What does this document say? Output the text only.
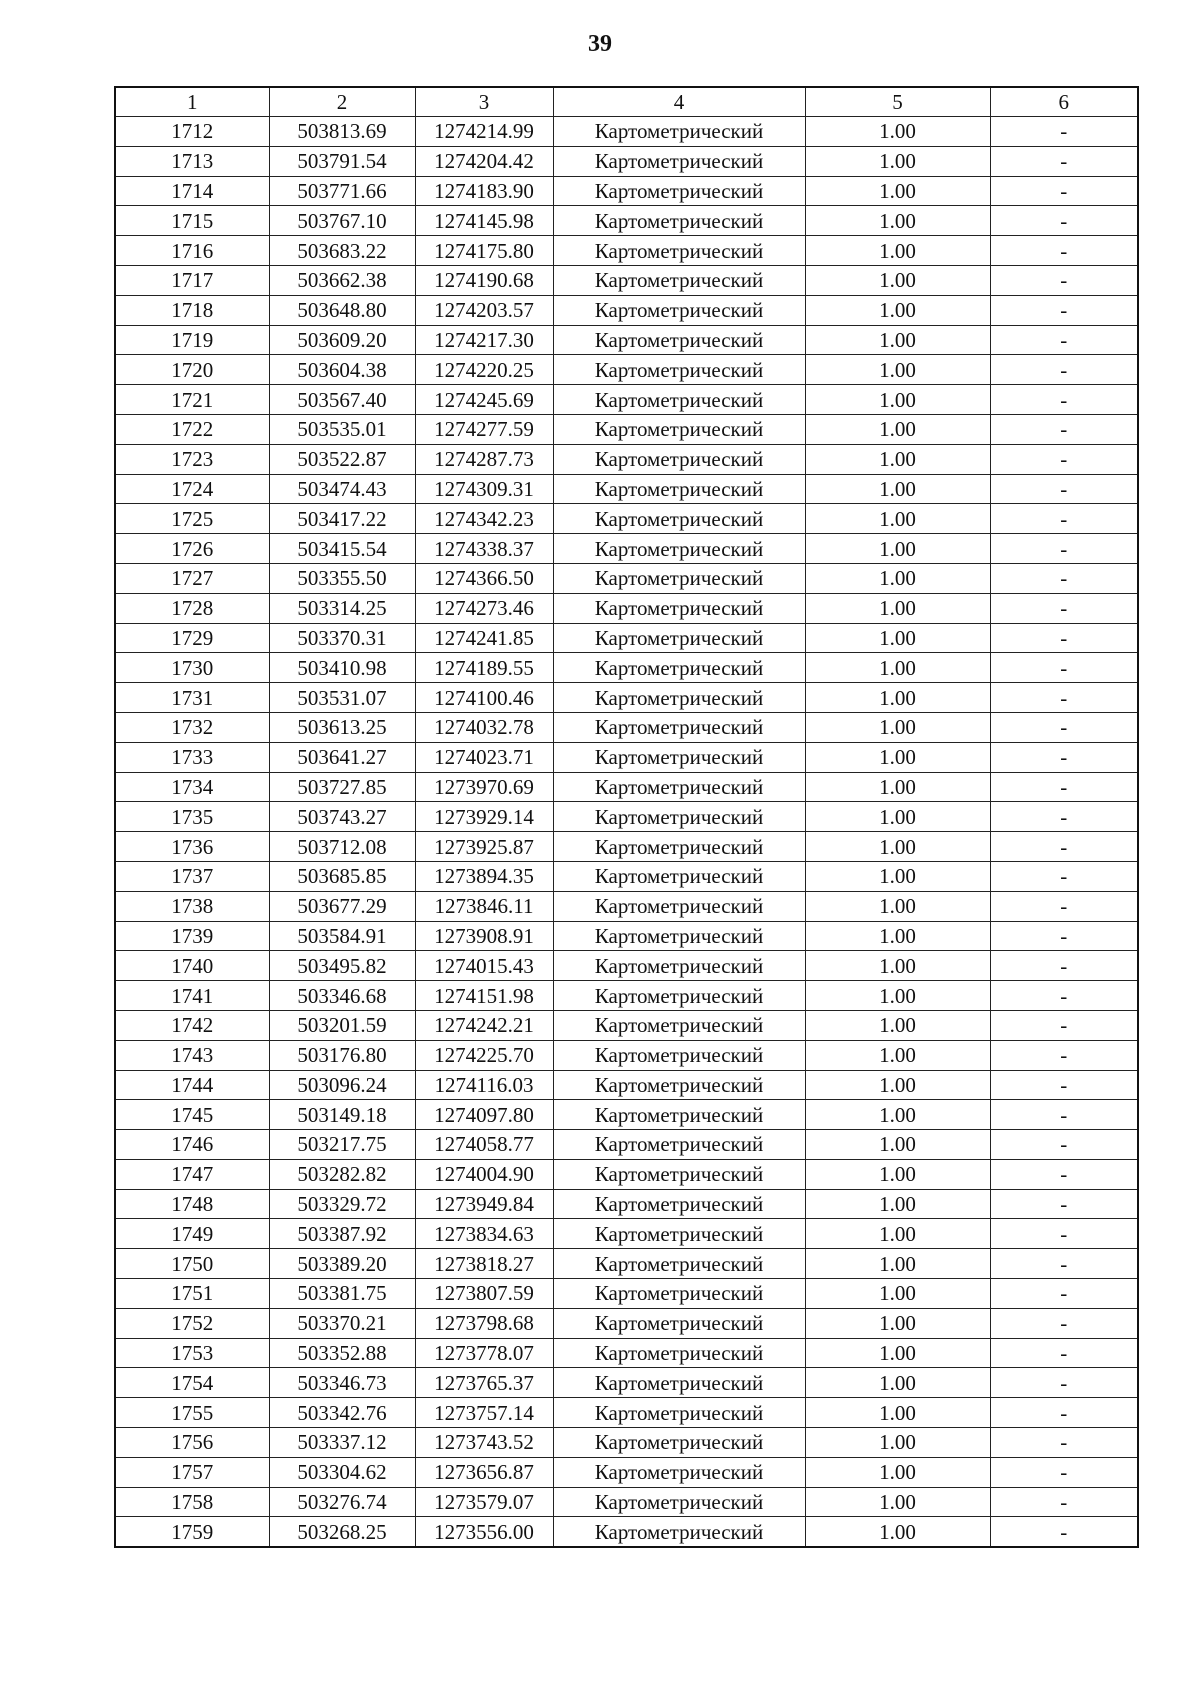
39
1	2	3	4	5	6
1712	503813.69	1274214.99	Картометрический	1.00	-
1713	503791.54	1274204.42	Картометрический	1.00	-
1714	503771.66	1274183.90	Картометрический	1.00	-
1715	503767.10	1274145.98	Картометрический	1.00	-
1716	503683.22	1274175.80	Картометрический	1.00	-
1717	503662.38	1274190.68	Картометрический	1.00	-
1718	503648.80	1274203.57	Картометрический	1.00	-
1719	503609.20	1274217.30	Картометрический	1.00	-
1720	503604.38	1274220.25	Картометрический	1.00	-
1721	503567.40	1274245.69	Картометрический	1.00	-
1722	503535.01	1274277.59	Картометрический	1.00	-
1723	503522.87	1274287.73	Картометрический	1.00	-
1724	503474.43	1274309.31	Картометрический	1.00	-
1725	503417.22	1274342.23	Картометрический	1.00	-
1726	503415.54	1274338.37	Картометрический	1.00	-
1727	503355.50	1274366.50	Картометрический	1.00	-
1728	503314.25	1274273.46	Картометрический	1.00	-
1729	503370.31	1274241.85	Картометрический	1.00	-
1730	503410.98	1274189.55	Картометрический	1.00	-
1731	503531.07	1274100.46	Картометрический	1.00	-
1732	503613.25	1274032.78	Картометрический	1.00	-
1733	503641.27	1274023.71	Картометрический	1.00	-
1734	503727.85	1273970.69	Картометрический	1.00	-
1735	503743.27	1273929.14	Картометрический	1.00	-
1736	503712.08	1273925.87	Картометрический	1.00	-
1737	503685.85	1273894.35	Картометрический	1.00	-
1738	503677.29	1273846.11	Картометрический	1.00	-
1739	503584.91	1273908.91	Картометрический	1.00	-
1740	503495.82	1274015.43	Картометрический	1.00	-
1741	503346.68	1274151.98	Картометрический	1.00	-
1742	503201.59	1274242.21	Картометрический	1.00	-
1743	503176.80	1274225.70	Картометрический	1.00	-
1744	503096.24	1274116.03	Картометрический	1.00	-
1745	503149.18	1274097.80	Картометрический	1.00	-
1746	503217.75	1274058.77	Картометрический	1.00	-
1747	503282.82	1274004.90	Картометрический	1.00	-
1748	503329.72	1273949.84	Картометрический	1.00	-
1749	503387.92	1273834.63	Картометрический	1.00	-
1750	503389.20	1273818.27	Картометрический	1.00	-
1751	503381.75	1273807.59	Картометрический	1.00	-
1752	503370.21	1273798.68	Картометрический	1.00	-
1753	503352.88	1273778.07	Картометрический	1.00	-
1754	503346.73	1273765.37	Картометрический	1.00	-
1755	503342.76	1273757.14	Картометрический	1.00	-
1756	503337.12	1273743.52	Картометрический	1.00	-
1757	503304.62	1273656.87	Картометрический	1.00	-
1758	503276.74	1273579.07	Картометрический	1.00	-
1759	503268.25	1273556.00	Картометрический	1.00	-
